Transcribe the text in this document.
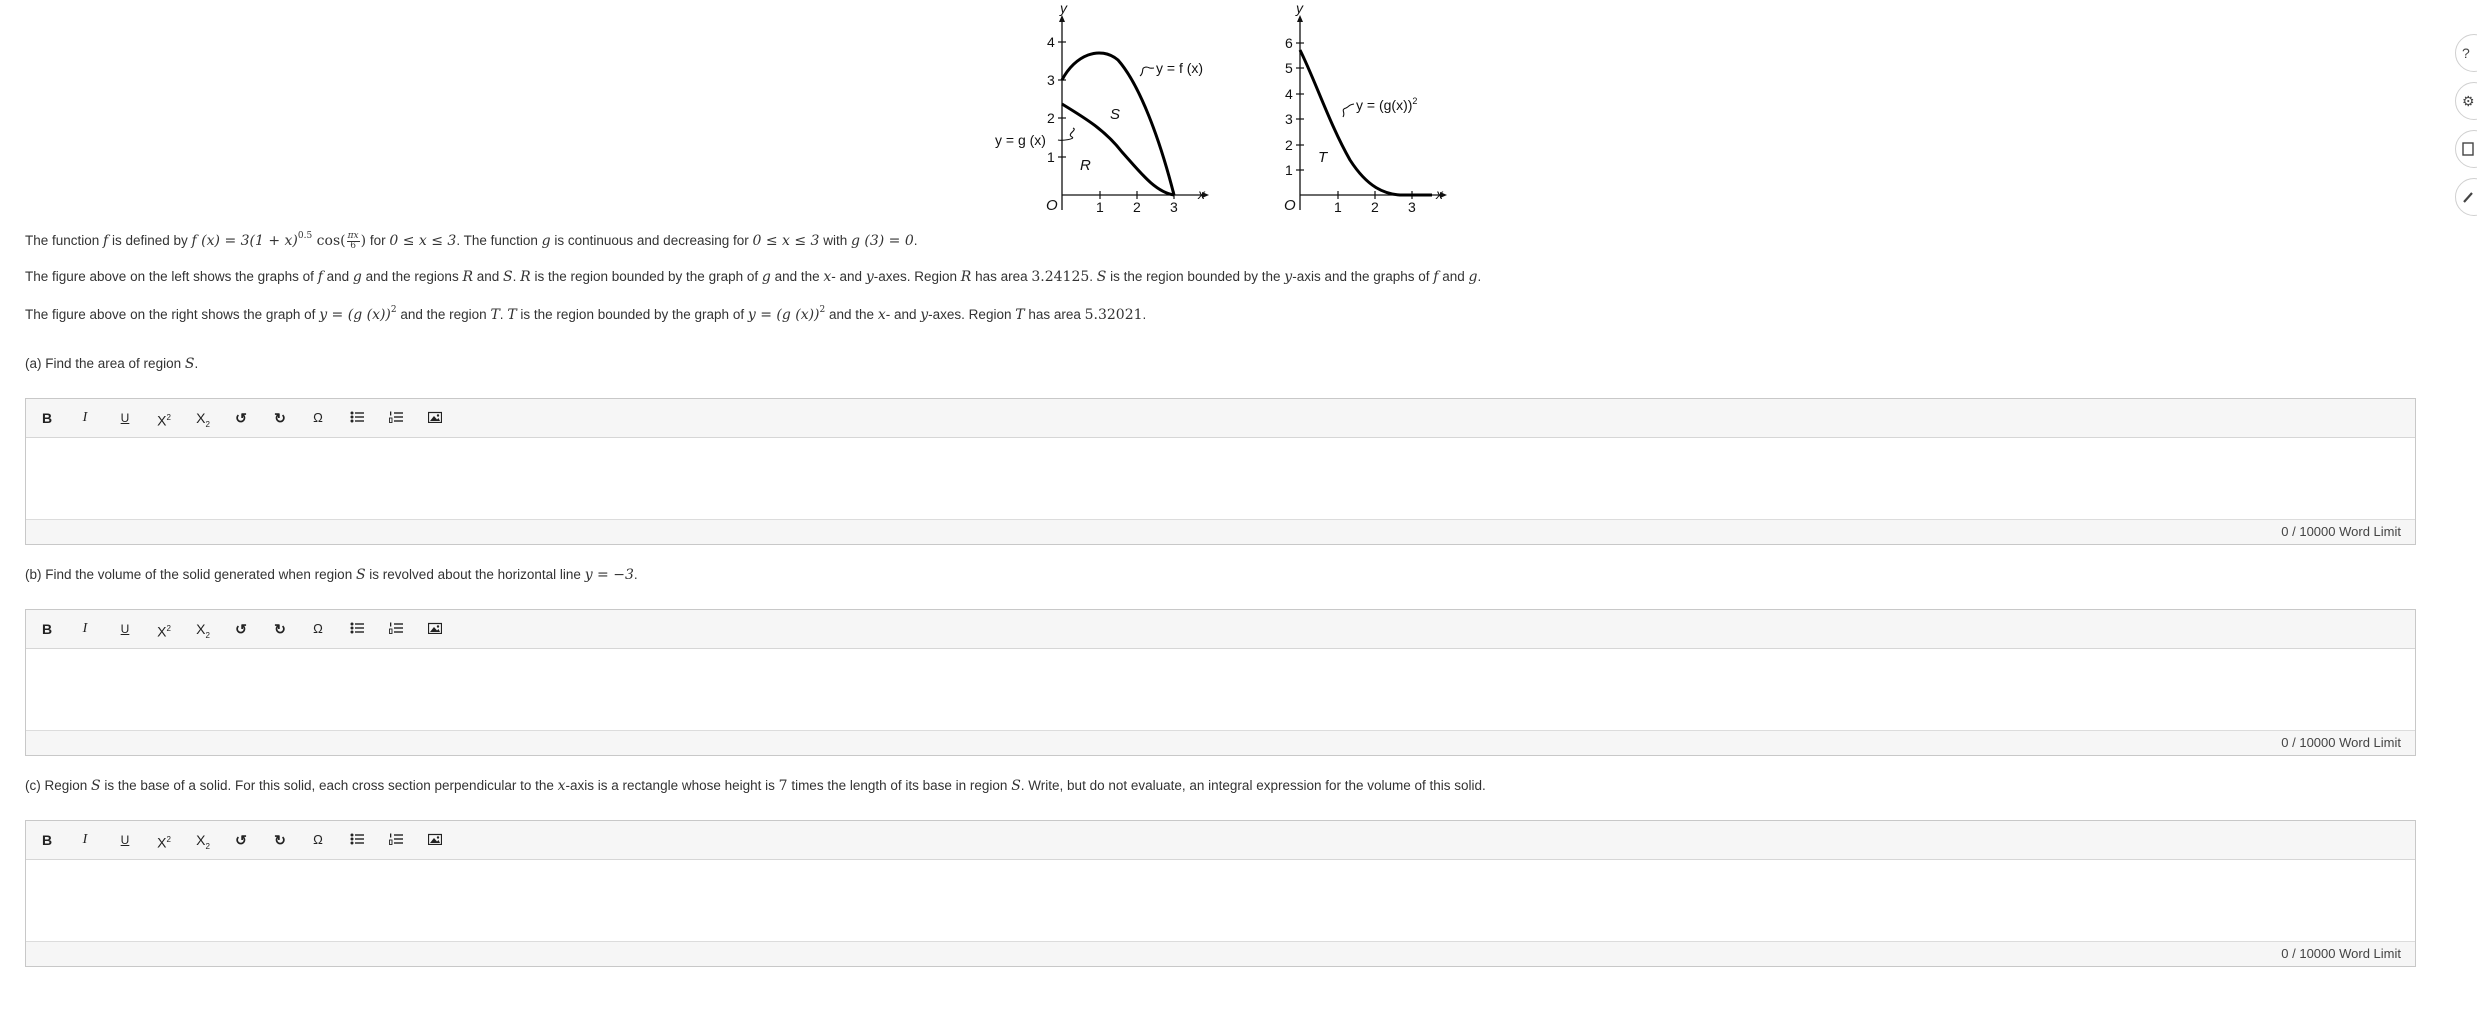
y
x
O	1 2 3
1
2
3
4
y = f (x)
y = g (x)
S
R
y
x
O	1 2 3
1
2
3
4
5
6
$y = (g(x))^2$
T
The function f is defined by f $(x) = 3(1 + x)^{0.5}$ $\cos( \frac{\pi x}{6}$ ) for 0 ≤ x ≤ 3. The function g is continuous and decreasing for 0 ≤ x ≤ 3 with g (3) = 0.
The figure above on the left shows the graphs of f and g and the regions R and S. R is the region bounded by the graph of g and the x- and y-axes. Region R has area 3.24125. S is the region bounded by the y-axis and the graphs of f and g.
The figure above on the right shows the graph of y = (g (x))$^2$ and the region T. T is the region bounded by the graph of y = (g (x))$^2$ and the x- and y-axes. Region T has area 5.32021.
(a) Find the area of region S.
B	I	U	$X^2$ $X_2$	↺	↻	Ω
0 / 10000 Word Limit
(b) Find the volume of the solid generated when region S is revolved about the horizontal line y = −3.
B	I	U	$X^2$ $X_2$	↺	↻	Ω
0 / 10000 Word Limit
(c) Region S is the base of a solid. For this solid, each cross section perpendicular to the x-axis is a rectangle whose height is 7 times the length of its base in region S. Write, but do not evaluate, an integral expression for the volume of this solid.
B	I	U	$X^2$ $X_2$	↺	↻	Ω
0 / 10000 Word Limit
?
⚙
